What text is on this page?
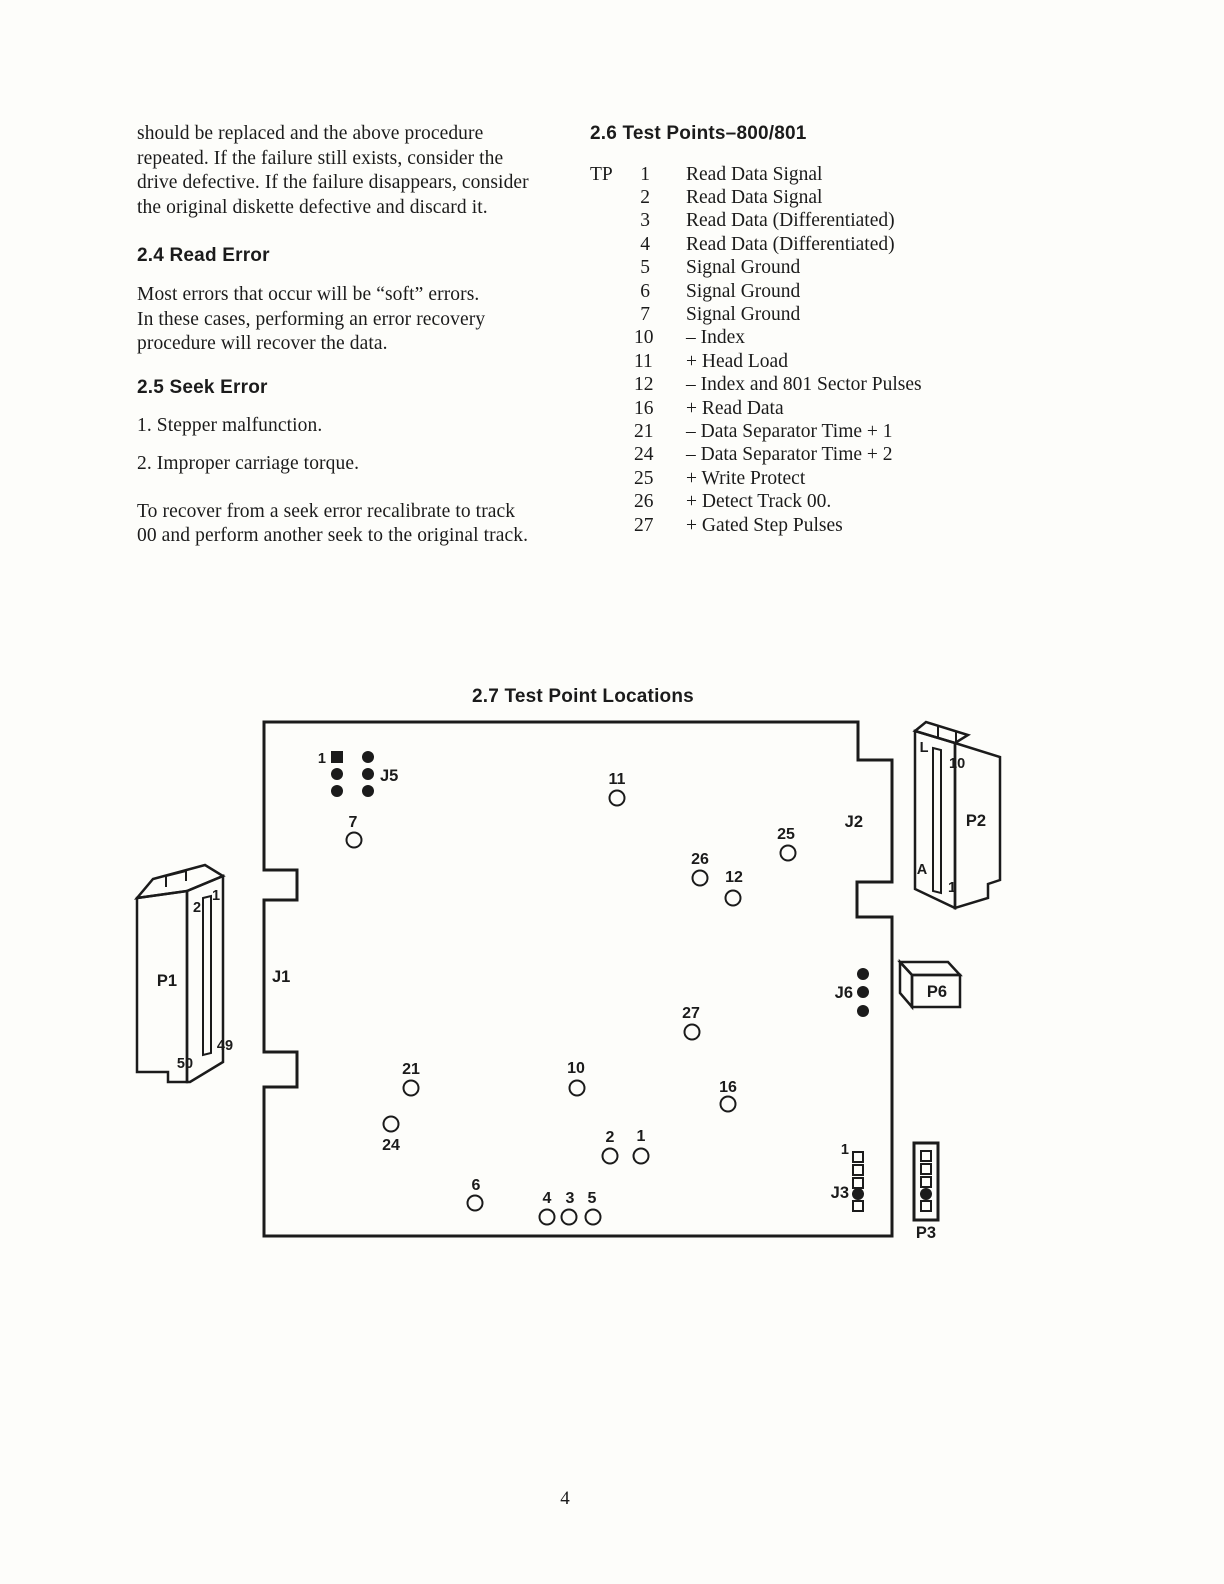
should be replaced and the above procedure
repeated. If the failure still exists, consider the
drive defective. If the failure disappears, consider
the original diskette defective and discard it.
2.4 Read Error
Most errors that occur will be “soft” errors.
In these cases, performing an error recovery
procedure will recover the data.
2.5 Seek Error
1. Stepper malfunction.
2. Improper carriage torque.
To recover from a seek error recalibrate to track
00 and perform another seek to the original track.
2.6 Test Points–800/801
TP	1	Read Data Signal
2	Read Data Signal
3	Read Data (Differentiated)
4	Read Data (Differentiated)
5	Signal Ground
6	Signal Ground
7	Signal Ground
10	– Index
11	+ Head Load
12	– Index and 801 Sector Pulses
16	+ Read Data
21	– Data Separator Time + 1
24	– Data Separator Time + 2
25	+ Write Protect
26	+ Detect Track 00.
27	+ Gated Step Pulses
2.7 Test Point Locations
1
J5
7
11
25
26
12
27
21	10
16
24	2 1
6
4 3 5
J1
J2
J6
1
J3
P3
P6
L
10
A
1
P2
2
1
P1
49
50
4
